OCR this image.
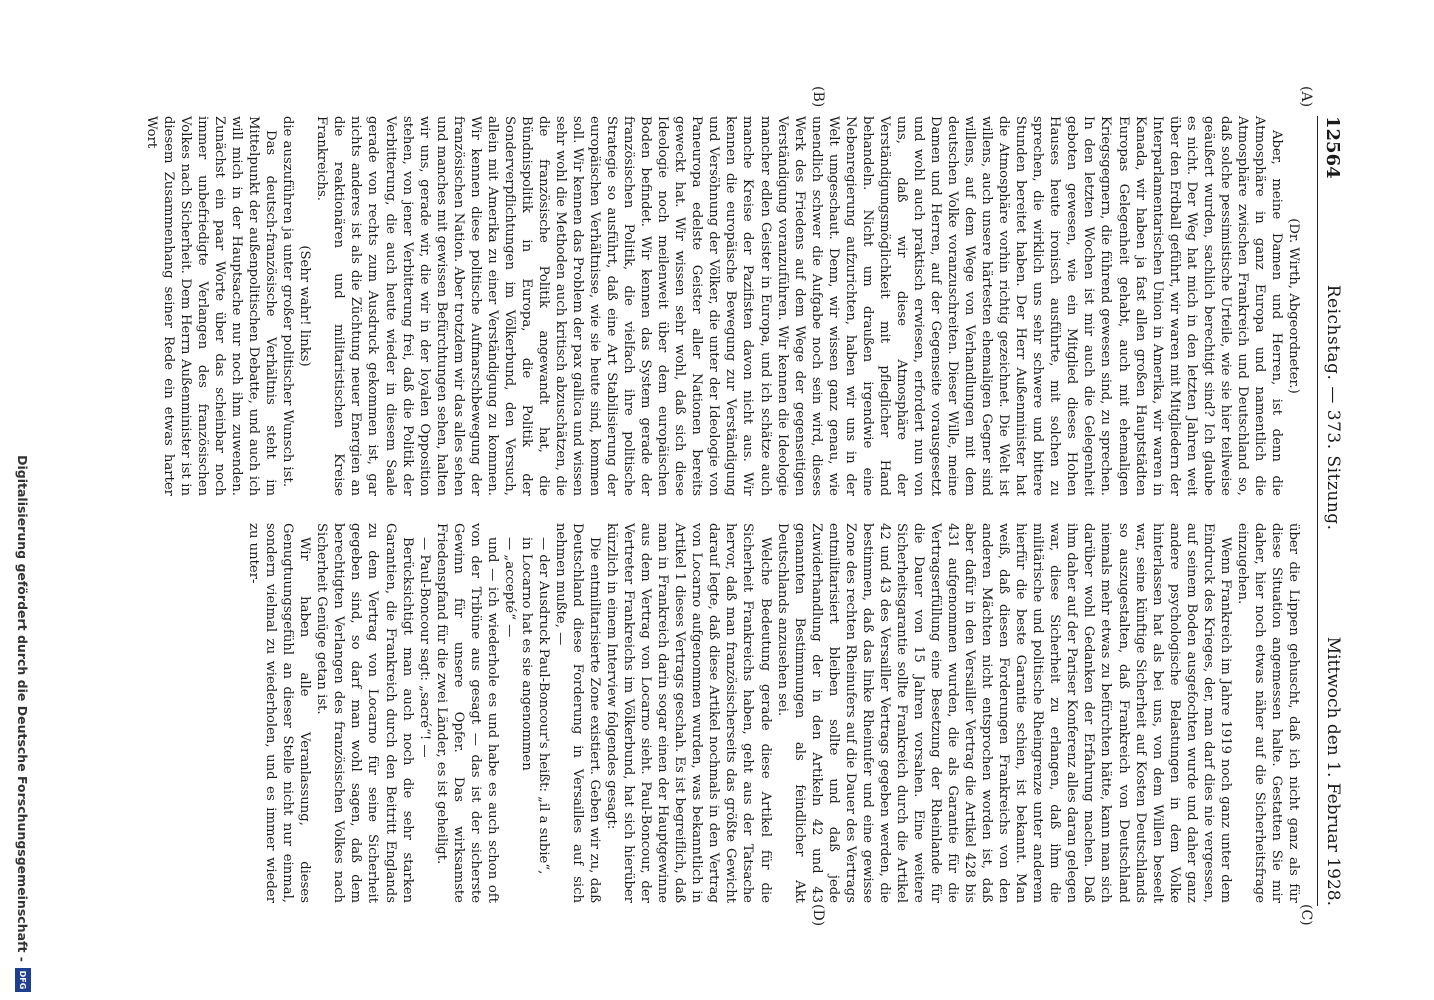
12564
Reichstag. — 373. Sitzung.
Mittwoch den 1. Februar 1928.
(A)
(B)
(C)
(D)

(Dr. Wirth, Abgeordneter.)

Aber, meine Damen und Herren, ist denn die Atmosphäre in ganz Europa und namentlich die Atmosphäre zwischen Frankreich und Deutschland so, daß solche pessimistische Urteile, wie sie hier teilweise geäußert wurden, sachlich berechtigt sind? Ich glaube es nicht. Der Weg hat mich in den letzten Jahren weit über den Erdball geführt, wir waren mit Mitgliedern der Interparlamentarischen Union in Amerika, wir waren in Kanada, wir haben ja fast allen großen Hauptstädten Europas Gelegenheit gehabt, auch mit ehemaligen Kriegsgegnern, die führend gewesen sind, zu sprechen. In den letzten Wochen ist mir auch die Gelegenheit geboten gewesen, wie ein Mitglied dieses Hohen Hauses heute ironisch ausführte, mit solchen zu sprechen, die wirklich uns sehr schwere und bittere Stunden bereitet haben. Der Herr Außenminister hat die Atmosphäre vorhin richtig gezeichnet. Die Welt ist willens, auch unsere härtesten ehemaligen Gegner sind willens, auf dem Wege von Verhandlungen mit dem deutschen Volke voranzuschreiten. Dieser Wille, meine Damen und Herren, auf der Gegenseite vorausgesetzt und wohl auch praktisch erwiesen, erfordert nun von uns, daß wir diese Atmosphäre der Verständigungsmöglichkeit mit pfleglicher Hand behandeln. Nicht um draußen irgendwie eine Nebenregierung aufzurichten, haben wir uns in der Welt umgeschaut. Denn, wir wissen ganz genau, wie unendlich schwer die Aufgabe noch sein wird, dieses Werk des Friedens auf dem Wege der gegenseitigen Verständigung voranzuführen. Wir kennen die Ideologie mancher edlen Geister in Europa, und ich schätze auch manche Kreise der Pazifisten davon nicht aus. Wir kennen die europäische Bewegung zur Verständigung und Versöhnung der Völker, die unter der Ideologie von Paneuropa edelste Geister aller Nationen bereits geweckt hat. Wir wissen sehr wohl, daß sich diese Ideologie noch meilenweit über dem europäischen Boden befindet. Wir kennen das System gerade der französischen Politik, die vielfach ihre politische Strategie so ausführt, daß eine Art Stabilisierung der europäischen Verhältnisse, wie sie heute sind, kommen soll. Wir kennen das Problem der pax gallica und wissen sehr wohl die Methoden auch kritisch abzuschätzen, die die französische Politik angewandt hat, die Bündnispolitik in Europa, die Politik der Sonderverpflichtungen im Völkerbund, den Versuch, allein mit Amerika zu einer Verständigung zu kommen. Wir kennen diese politische Aufmarschbewegung der französischen Nation. Aber trotzdem wir das alles sehen und manches mit gewissen Befürchtungen sehen, halten wir uns, gerade wir, die wir in der loyalen Opposition stehen, von jener Verbitterung frei, daß die Politik der Verbitterung, die auch heute wieder in diesem Saale gerade von rechts zum Ausdruck gekommen ist, gar nichts anderes ist als die Züchtung neuer Energien an die reaktionären und militaristischen Kreise Frankreichs.

(Sehr wahr! links)

die auszuführen ja unter großer politischer Wunsch ist.

Das deutsch-französische Verhältnis steht im Mittelpunkt der außenpolitischen Debatte, und auch ich will mich in der Hauptsache nur noch ihm zuwenden. Zunächst ein paar Worte über das scheinbar noch immer unbefriedigte Verlangen des französischen Volkes nach Sicherheit. Dem Herrn Außenminister ist in diesem Zusammenhang seiner Rede ein etwas harter Wort

über die Lippen gehuscht, daß ich nicht ganz als für diese Situation angemessen halte. Gestatten Sie mir daher, hier noch etwas näher auf die Sicherheitsfrage einzugehen.

Wenn Frankreich im Jahre 1919 noch ganz unter dem Eindruck des Krieges, der, man darf dies nie vergessen, auf seinem Boden ausgefochten wurde und daher ganz andere psychologische Belastungen in dem Volke hinterlassen hat als bei uns, von dem Willen beseelt war, seine künftige Sicherheit auf Kosten Deutschlands so auszugestalten, daß Frankreich von Deutschland niemals mehr etwas zu befürchten hätte, kann man sich darüber wohl Gedanken der Erfahrung machen. Daß ihm daher auf der Pariser Konferenz alles daran gelegen war, diese Sicherheit zu erlangen, daß ihm die militärische und politische Rheingrenze unter anderem hierfür die beste Garantie schien, ist bekannt. Man weiß, daß diesen Forderungen Frankreichs von den anderen Mächten nicht entsprochen worden ist, daß aber dafür in den Versailler Vertrag die Artikel 428 bis 431 aufgenommen wurden, die als Garantie für die Vertragserfüllung eine Besetzung der Rheinlande für die Dauer von 15 Jahren vorsahen. Eine weitere Sicherheitsgarantie sollte Frankreich durch die Artikel 42 und 43 des Versailler Vertrags gegeben werden, die bestimmen, daß das linke Rheinufer und eine gewisse Zone des rechten Rheinufers auf die Dauer des Vertrags entmilitarisiert bleiben sollte und daß jede Zuwiderhandlung der in den Artikeln 42 und 43 genannten Bestimmungen als feindlicher Akt Deutschlands anzusehen sei.

Welche Bedeutung gerade diese Artikel für die Sicherheit Frankreichs haben, geht aus der Tatsache hervor, daß man französischerseits das größte Gewicht darauf legte, daß diese Artikel nochmals in den Vertrag von Locarno aufgenommen wurden, was bekanntlich in Artikel 1 dieses Vertrags geschah. Es ist begreiflich, daß man in Frankreich darin sogar einen der Hauptgewinne aus dem Vertrag von Locarno sieht. Paul-Boncour, der Vertreter Frankreichs im Völkerbund, hat sich hierüber kürzlich in einem Interview folgendes gesagt:

Die entmilitarisierte Zone existiert. Geben wir zu, daß Deutschland diese Forderung in Versailles auf sich nehmen mußte, —

— der Ausdruck Paul-Boncour's heißt: „il a subie“,

in Locarno hat es sie angenommen

— „accepté“ —

und — ich wiederhole es und habe es auch schon oft von der Tribüne aus gesagt — das ist der sicherste Gewinn für unsere Opfer. Das wirksamste Friedenspfand für die zwei Länder, es ist geheiligt.

— Paul-Boncour sagt: „sacré“! —

Berücksichtigt man auch noch die sehr starken Garantien, die Frankreich durch den Beitritt Englands zu dem Vertrag von Locarno für seine Sicherheit gegeben sind, so darf man wohl sagen, daß dem berechtigten Verlangen des französischen Volkes nach Sicherheit Genüge getan ist.

Wir haben alle Veranlassung, dieses Genugtuungsgefühl an dieser Stelle nicht nur einmal, sondern vielmal zu wiederholen, und es immer wieder zu unter-

Digitalisierung gefördert durch die Deutsche Forschungsgemeinschaft -
DFG
